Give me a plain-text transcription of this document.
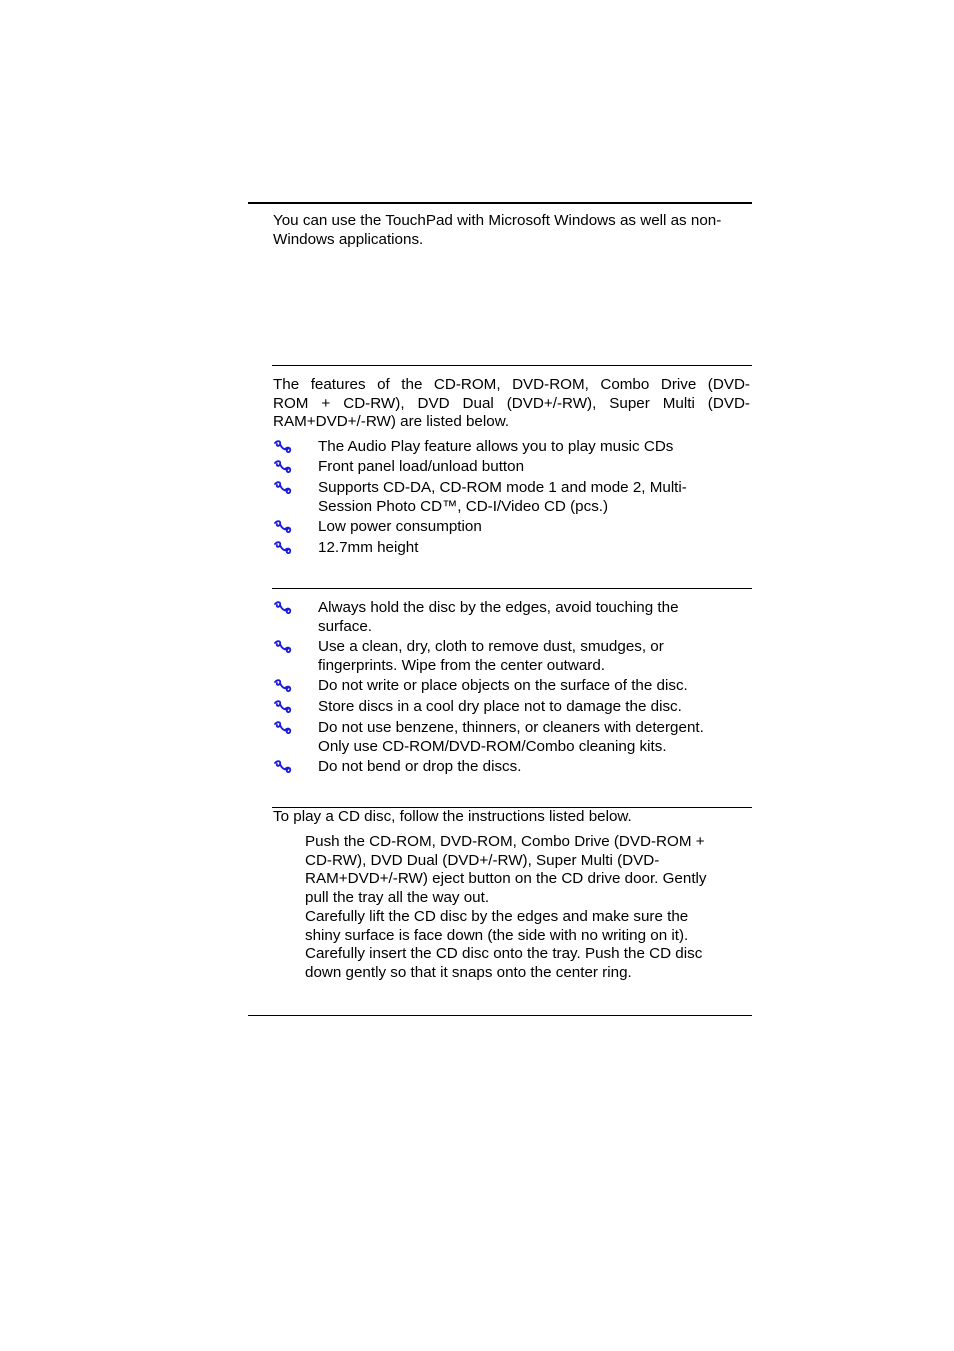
You can use the TouchPad with Microsoft Windows as well as non-
Windows applications.
The features of the CD-ROM, DVD-ROM, Combo Drive (DVD-
ROM + CD-RW), DVD Dual (DVD+/-RW), Super Multi (DVD-
RAM+DVD+/-RW) are listed below.
The Audio Play feature allows you to play music CDs
Front panel load/unload button
Supports CD-DA, CD-ROM mode 1 and mode 2, Multi-
Session Photo CD™, CD-I/Video CD (pcs.)
Low power consumption
12.7mm height
Always hold the disc by the edges, avoid touching the
surface.
Use a clean, dry, cloth to remove dust, smudges, or
fingerprints. Wipe from the center outward.
Do not write or place objects on the surface of the disc.
Store discs in a cool dry place not to damage the disc.
Do not use benzene, thinners, or cleaners with detergent.
Only use CD-ROM/DVD-ROM/Combo cleaning kits.
Do not bend or drop the discs.
To play a CD disc, follow the instructions listed below.
Push the CD-ROM, DVD-ROM, Combo Drive (DVD-ROM +
CD-RW), DVD Dual (DVD+/-RW), Super Multi (DVD-
RAM+DVD+/-RW) eject button on the CD drive door. Gently
pull the tray all the way out.
Carefully lift the CD disc by the edges and make sure the
shiny surface is face down (the side with no writing on it).
Carefully insert the CD disc onto the tray. Push the CD disc
down gently so that it snaps onto the center ring.
